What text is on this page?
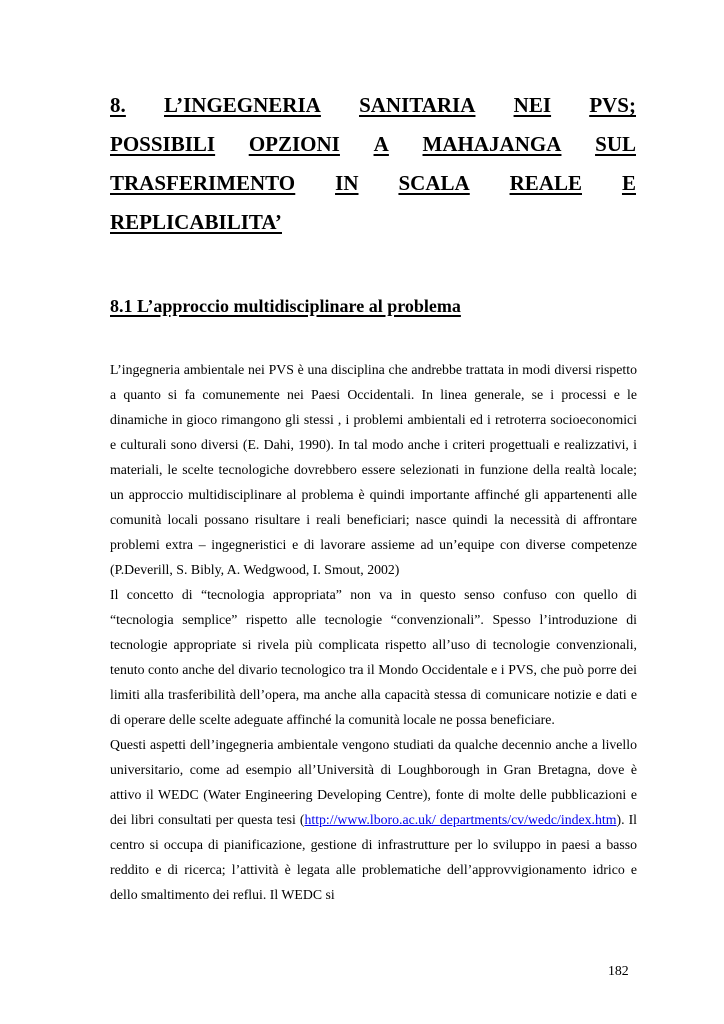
8. L’INGEGNERIA SANITARIA NEI PVS;
POSSIBILI OPZIONI A MAHAJANGA SUL
TRASFERIMENTO IN SCALA REALE E
REPLICABILITA’
8.1 L’approccio multidisciplinare al problema

L’ingegneria ambientale nei PVS è una disciplina che andrebbe trattata in modi diversi rispetto a quanto si fa comunemente nei Paesi Occidentali. In linea generale, se i processi e le dinamiche in gioco rimangono gli stessi , i problemi ambientali ed i retroterra socioeconomici e culturali sono diversi (E. Dahi, 1990). In tal modo anche i criteri progettuali e realizzativi, i materiali, le scelte tecnologiche dovrebbero essere selezionati in funzione della realtà locale; un approccio multidisciplinare al problema è quindi importante affinché gli appartenenti alle comunità locali possano risultare i reali beneficiari; nasce quindi la necessità di affrontare problemi extra – ingegneristici e di lavorare assieme ad un’equipe con diverse competenze (P.Deverill, S. Bibly, A. Wedgwood, I. Smout, 2002)

Il concetto di “tecnologia appropriata” non va in questo senso confuso con quello di “tecnologia semplice” rispetto alle tecnologie “convenzionali”. Spesso l’introduzione di tecnologie appropriate si rivela più complicata rispetto all’uso di tecnologie convenzionali, tenuto conto anche del divario tecnologico tra il Mondo Occidentale e i PVS, che può porre dei limiti alla trasferibilità dell’opera, ma anche alla capacità stessa di comunicare notizie e dati e di operare delle scelte adeguate affinché la comunità locale ne possa beneficiare.

Questi aspetti dell’ingegneria ambientale vengono studiati da qualche decennio anche a livello universitario, come ad esempio all’Università di Loughborough in Gran Bretagna, dove è attivo il WEDC (Water Engineering Developing Centre), fonte di molte delle pubblicazioni e dei libri consultati per questa tesi (http://www.lboro.ac.uk/ departments/cv/wedc/index.htm). Il centro si occupa di pianificazione, gestione di infrastrutture per lo sviluppo in paesi a basso reddito e di ricerca; l’attività è legata alle problematiche dell’approvvigionamento idrico e dello smaltimento dei reflui. Il WEDC si

182
